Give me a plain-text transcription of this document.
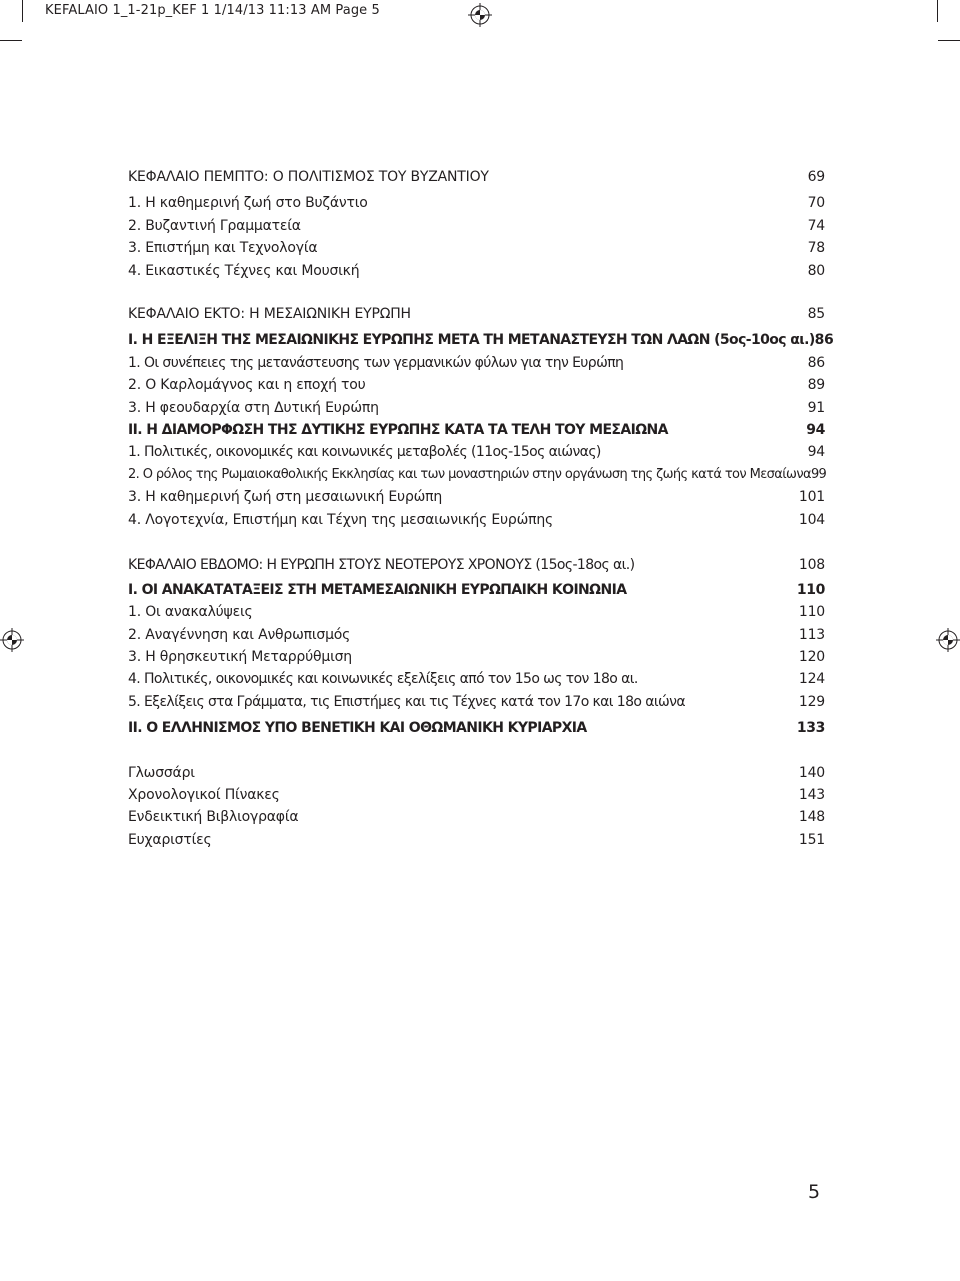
KEFALAIO 1_1-21p_KEF 1 1/14/13 11:13 AM Page 5
ΚΕΦΑΛΑΙΟ ΠΕΜΠΤΟ: Ο ΠΟΛΙΤΙΣΜΟΣ ΤΟΥ ΒΥΖΑΝΤΙΟΥ	69
1. Η καθημερινή ζωή στο Βυζάντιο	70
2. Βυζαντινή Γραμματεία	74
3. Επιστήμη και Τεχνολογία	78
4. Εικαστικές Τέχνες και Μουσική	80
ΚΕΦΑΛΑΙΟ ΕΚΤΟ: Η ΜΕΣΑΙΩΝΙΚΗ ΕΥΡΩΠΗ	85
Ι. Η ΕΞΕΛΙΞΗ ΤΗΣ ΜΕΣΑΙΩΝΙΚΗΣ ΕΥΡΩΠΗΣ ΜΕΤΑ ΤΗ ΜΕΤΑΝΑΣΤΕΥΣΗ ΤΩΝ ΛΑΩΝ (5ος-10ος αι.) 86
1. Οι συνέπειες της μετανάστευσης των γερμανικών φύλων για την Ευρώπη	86
2. Ο Καρλομάγνος και η εποχή του	89
3. Η φεουδαρχία στη Δυτική Ευρώπη	91
ΙΙ. Η ΔΙΑΜΟΡΦΩΣΗ ΤΗΣ ΔΥΤΙΚΗΣ ΕΥΡΩΠΗΣ ΚΑΤΑ ΤΑ ΤΕΛΗ ΤΟΥ ΜΕΣΑΙΩΝΑ	94
1. Πολιτικές, οικονομικές και κοινωνικές μεταβολές (11ος-15ος αιώνας)	94
2. Ο ρόλος της Ρωμαιοκαθολικής Εκκλησίας και των μοναστηριών στην οργάνωση της ζωής κατά τον Μεσαίωνα 99
3. Η καθημερινή ζωή στη μεσαιωνική Ευρώπη	101
4. Λογοτεχνία, Επιστήμη και Τέχνη της μεσαιωνικής Ευρώπης	104
ΚΕΦΑΛΑΙΟ ΕΒΔΟΜΟ: Η ΕΥΡΩΠΗ ΣΤΟΥΣ ΝΕΟΤΕΡΟΥΣ ΧΡΟΝΟΥΣ (15ος-18ος αι.)	108
Ι. ΟΙ ΑΝΑΚΑΤΑΤΑΞΕΙΣ ΣΤΗ ΜΕΤΑΜΕΣΑΙΩΝΙΚΗ ΕΥΡΩΠΑΙΚΗ ΚΟΙΝΩΝΙΑ	110
1. Οι ανακαλύψεις	110
2. Αναγέννηση και Ανθρωπισμός	113
3. Η θρησκευτική Μεταρρύθμιση	120
4. Πολιτικές, οικονομικές και κοινωνικές εξελίξεις από τον 15ο ως τον 18ο αι.	124
5. Εξελίξεις στα Γράμματα, τις Επιστήμες και τις Τέχνες κατά τον 17ο και 18ο αιώνα	129
ΙΙ. Ο ΕΛΛΗΝΙΣΜΟΣ ΥΠΟ ΒΕΝΕΤΙΚΗ ΚΑΙ ΟΘΩΜΑΝΙΚΗ ΚΥΡΙΑΡΧΙΑ	133
Γλωσσάρι	140
Χρονολογικοί Πίνακες	143
Ενδεικτική Βιβλιογραφία	148
Ευχαριστίες	151
5
